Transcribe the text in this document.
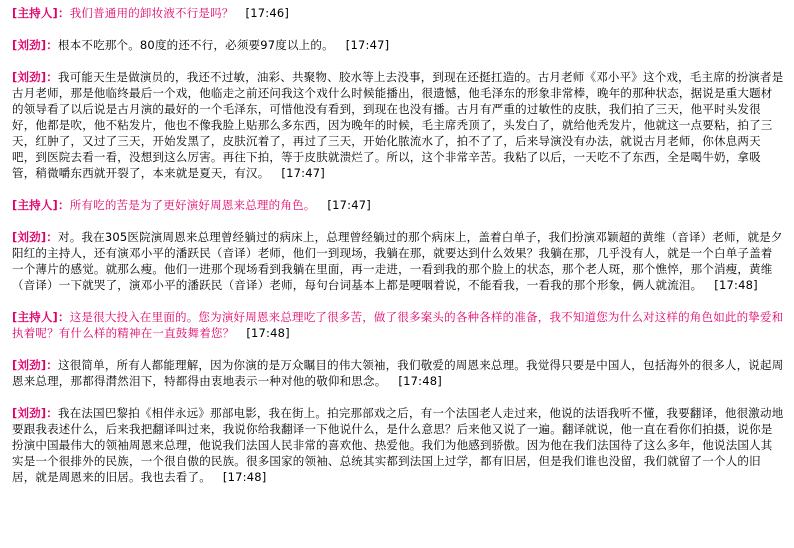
[主持人]：我们普通用的卸妆液不行是吗？ [17:46]

[刘劲]：根本不吃那个。80度的还不行，必须要97度以上的。 [17:47]

[刘劲]：我可能天生是做演员的，我还不过敏，油彩、共聚物、胶水等上去没事，到现在还挺扛造的。古月老师《邓小平》这个戏，毛主席的扮演者是古月老师，那是他临终最后一个戏，他临走之前还问我这个戏什么时候能播出，很遗憾，他毛泽东的形象非常棒，晚年的那种状态，据说是重大题材的领导看了以后说是古月演的最好的一个毛泽东，可惜他没有看到，到现在也没有播。古月有严重的过敏性的皮肤，我们拍了三天，他平时头发很好，他都是吹，他不粘发片，他也不像我脸上贴那么多东西，因为晚年的时候，毛主席秃顶了，头发白了，就给他秃发片，他就这一点要粘，拍了三天，红肿了，又过了三天，开始发黑了，皮肤沉着了，再过了三天，开始化脓流水了，拍不了了，后来导演没有办法，就说古月老师，你休息两天吧，到医院去看一看，没想到这么厉害。再往下拍，等于皮肤就溃烂了。所以，这个非常辛苦。我粘了以后，一天吃不了东西，全是喝牛奶，拿吸管，稍微嚼东西就开裂了，本来就是夏天，有汉。 [17:47]

[主持人]：所有吃的苦是为了更好演好周恩来总理的角色。 [17:47]

[刘劲]：对。我在305医院演周恩来总理曾经躺过的病床上，总理曾经躺过的那个病床上，盖着白单子，我们扮演邓颖超的黄维（音译）老师，就是夕阳红的主持人，还有演邓小平的潘跃民（音译）老师，他们一到现场，我躺在那，就要达到什么效果？我躺在那，几乎没有人，就是一个白单子盖着一个薄片的感觉。就那么瘦。他们一进那个现场看到我躺在里面，再一走进，一看到我的那个脸上的状态，那个老人斑，那个憔悴，那个消瘦，黄维（音译）一下就哭了，演邓小平的潘跃民（音译）老师，每句台词基本上都是哽咽着说，不能看我，一看我的那个形象，俩人就流泪。 [17:48]

[主持人]：这是很大投入在里面的。您为演好周恩来总理吃了很多苦，做了很多案头的各种各样的准备，我不知道您为什么对这样的角色如此的挚爱和执着呢？有什么样的精神在一直鼓舞着您？ [17:48]

[刘劲]：这很简单，所有人都能理解，因为你演的是万众瞩目的伟大领袖，我们敬爱的周恩来总理。我觉得只要是中国人，包括海外的很多人，说起周恩来总理，那都得潸然泪下，特都得由衷地表示一种对他的敬仰和思念。 [17:48]

[刘劲]：我在法国巴黎拍《相伴永远》那部电影，我在街上。拍完那部戏之后，有一个法国老人走过来，他说的法语我听不懂，我要翻译，他很激动地要跟我表述什么，后来我把翻译叫过来，我说你给我翻译一下他说什么，是什么意思？后来他又说了一遍。翻译就说，他一直在看你们拍摄，说你是扮演中国最伟大的领袖周恩来总理，他说我们法国人民非常的喜欢他、热爱他。我们为他感到骄傲。因为他在我们法国待了这么多年，他说法国人其实是一个很排外的民族，一个很自傲的民族。很多国家的领袖、总统其实都到法国上过学，都有旧居，但是我们谁也没留，我们就留了一个人的旧居，就是周恩来的旧居。我也去看了。 [17:48]
